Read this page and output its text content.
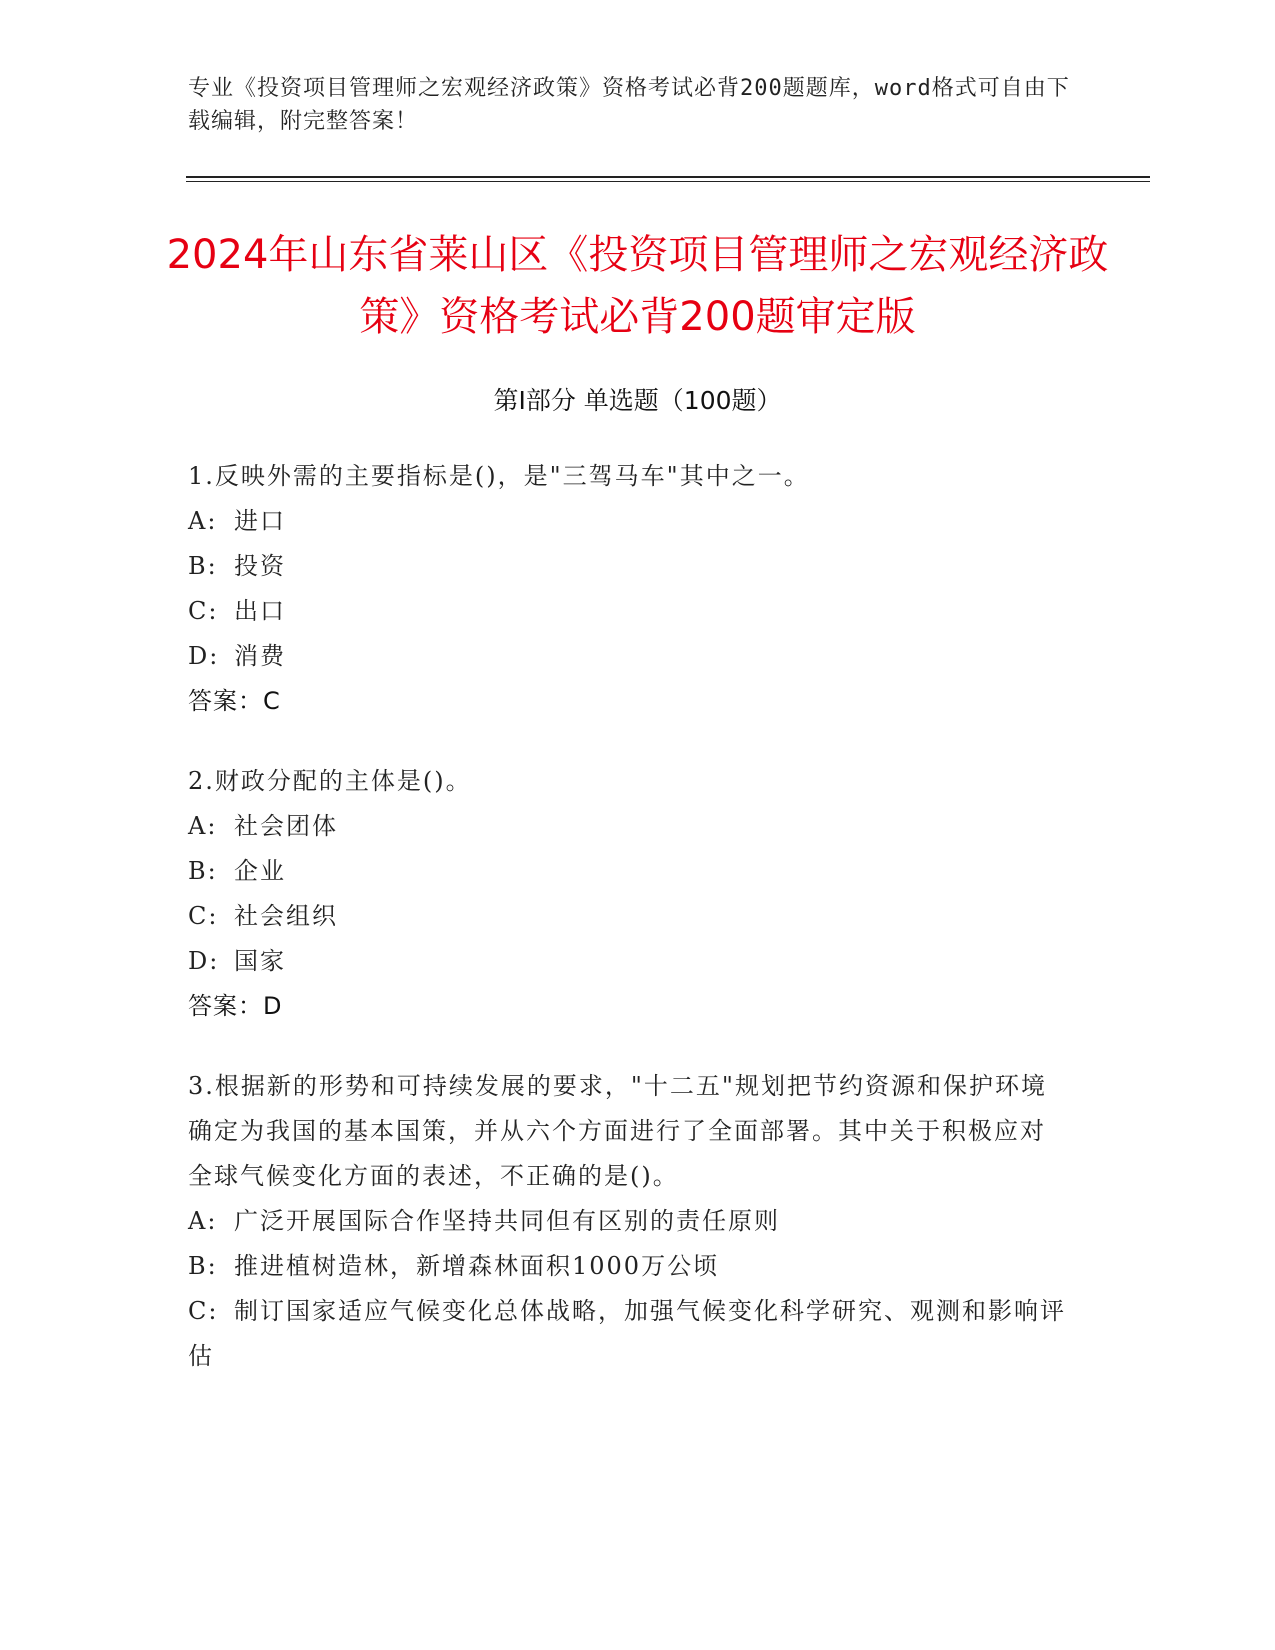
专业《投资项目管理师之宏观经济政策》资格考试必背200题题库，word格式可自由下载编辑，附完整答案！
2024年山东省莱山区《投资项目管理师之宏观经济政策》资格考试必背200题审定版
第Ⅰ部分 单选题（100题）
1.反映外需的主要指标是()，是"三驾马车"其中之一。
A: 进口
B: 投资
C: 出口
D: 消费
答案：C
2.财政分配的主体是()。
A: 社会团体
B: 企业
C: 社会组织
D: 国家
答案：D
3.根据新的形势和可持续发展的要求，"十二五"规划把节约资源和保护环境确定为我国的基本国策，并从六个方面进行了全面部署。其中关于积极应对全球气候变化方面的表述，不正确的是()。
A: 广泛开展国际合作坚持共同但有区别的责任原则
B: 推进植树造林，新增森林面积1000万公顷
C: 制订国家适应气候变化总体战略，加强气候变化科学研究、观测和影响评估
